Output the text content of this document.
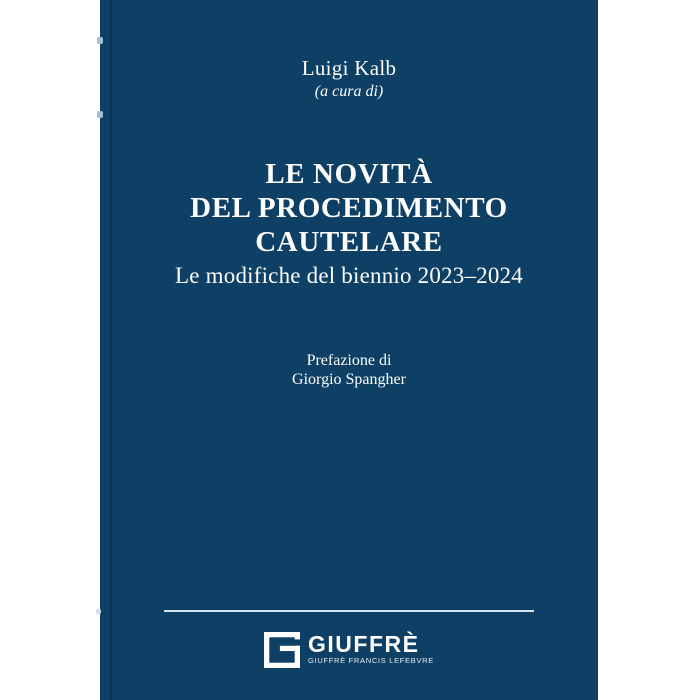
Luigi Kalb
(a cura di)
LE NOVITÀ
DEL PROCEDIMENTO
CAUTELARE
Le modifiche del biennio 2023–2024
Prefazione di
Giorgio Spangher
GIUFFRÈ
GIUFFRÈ FRANCIS LEFEBVRE
